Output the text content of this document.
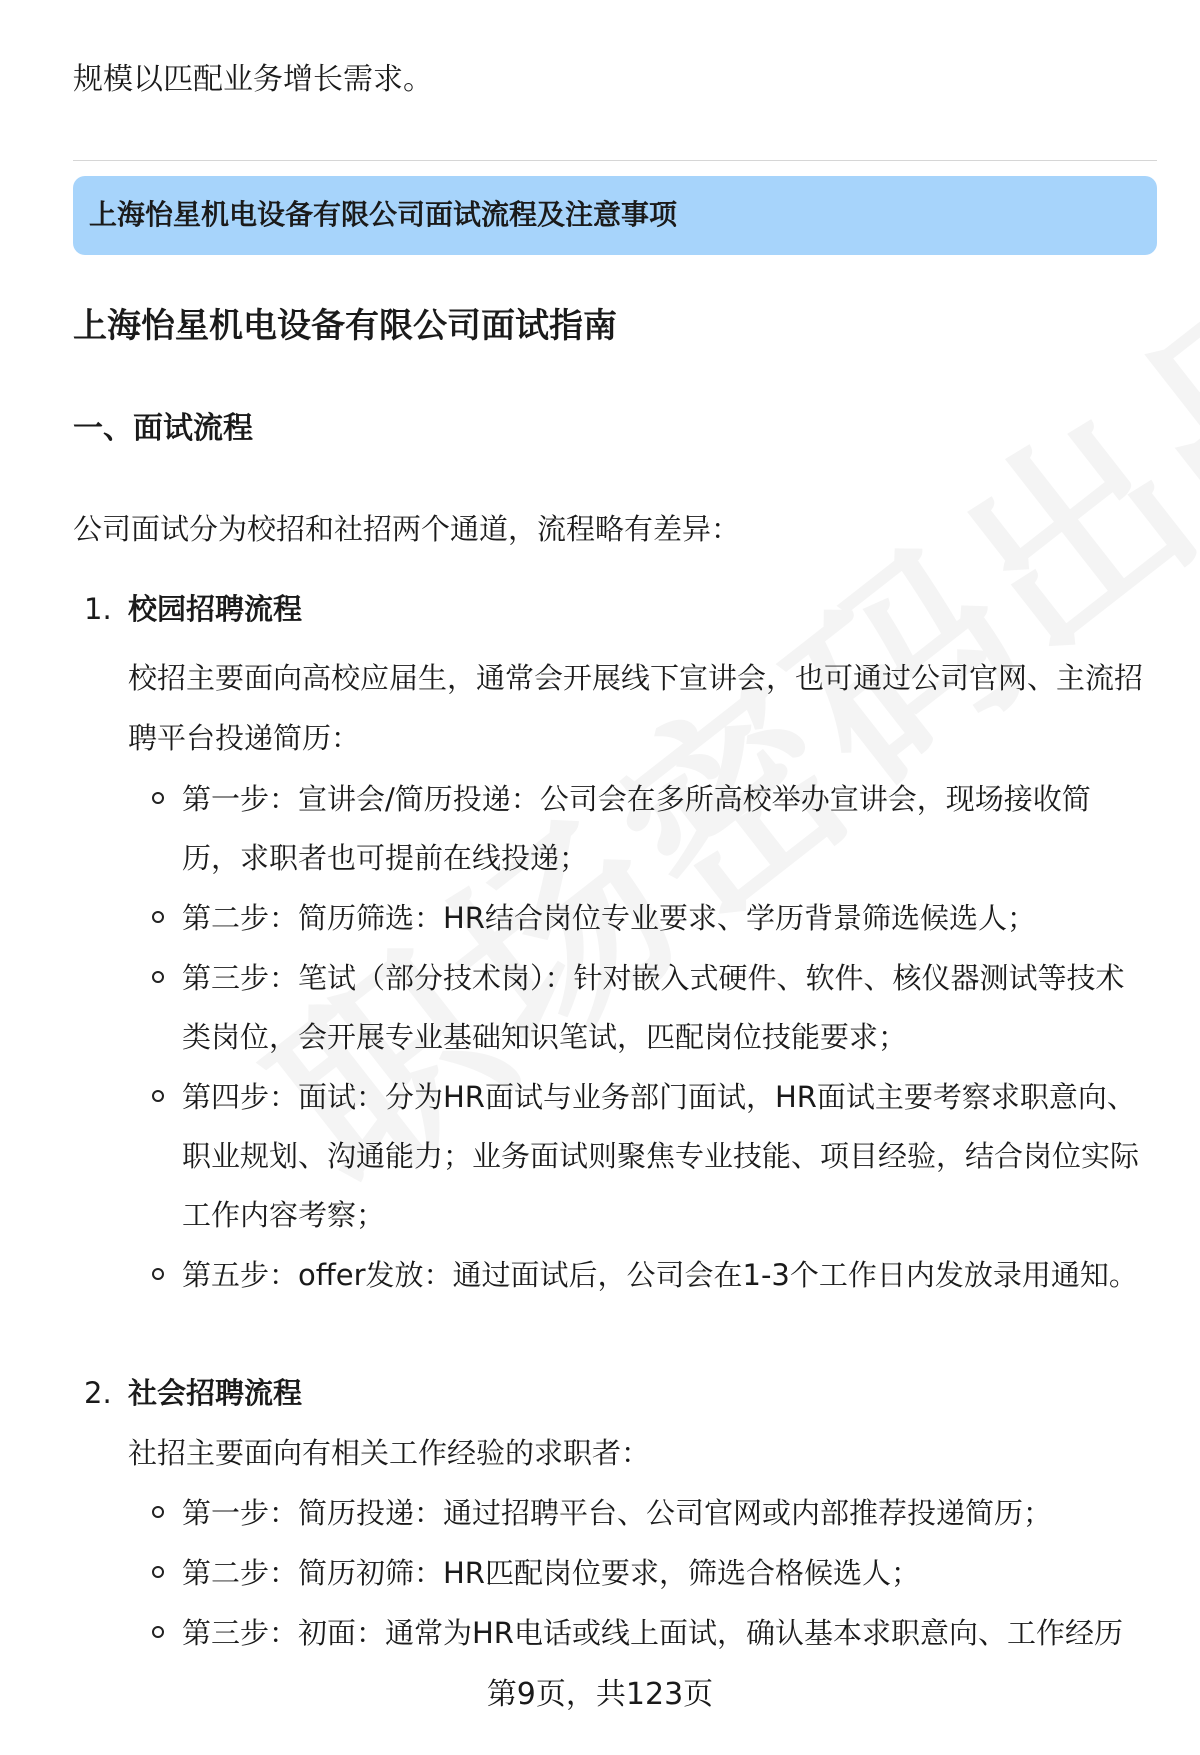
规模以匹配业务增长需求。
上海怡星机电设备有限公司面试流程及注意事项
上海怡星机电设备有限公司面试指南
一、面试流程
公司面试分为校招和社招两个通道，流程略有差异：
1. 校园招聘流程
校招主要面向高校应届生，通常会开展线下宣讲会，也可通过公司官网、主流招聘平台投递简历：
第一步：宣讲会/简历投递：公司会在多所高校举办宣讲会，现场接收简历，求职者也可提前在线投递；
第二步：简历筛选：HR结合岗位专业要求、学历背景筛选候选人；
第三步：笔试（部分技术岗）：针对嵌入式硬件、软件、核仪器测试等技术类岗位，会开展专业基础知识笔试，匹配岗位技能要求；
第四步：面试：分为HR面试与业务部门面试，HR面试主要考察求职意向、职业规划、沟通能力；业务面试则聚焦专业技能、项目经验，结合岗位实际工作内容考察；
第五步：offer发放：通过面试后，公司会在1-3个工作日内发放录用通知。
2. 社会招聘流程
社招主要面向有相关工作经验的求职者：
第一步：简历投递：通过招聘平台、公司官网或内部推荐投递简历；
第二步：简历初筛：HR匹配岗位要求，筛选合格候选人；
第三步：初面：通常为HR电话或线上面试，确认基本求职意向、工作经历
第9页，共123页
